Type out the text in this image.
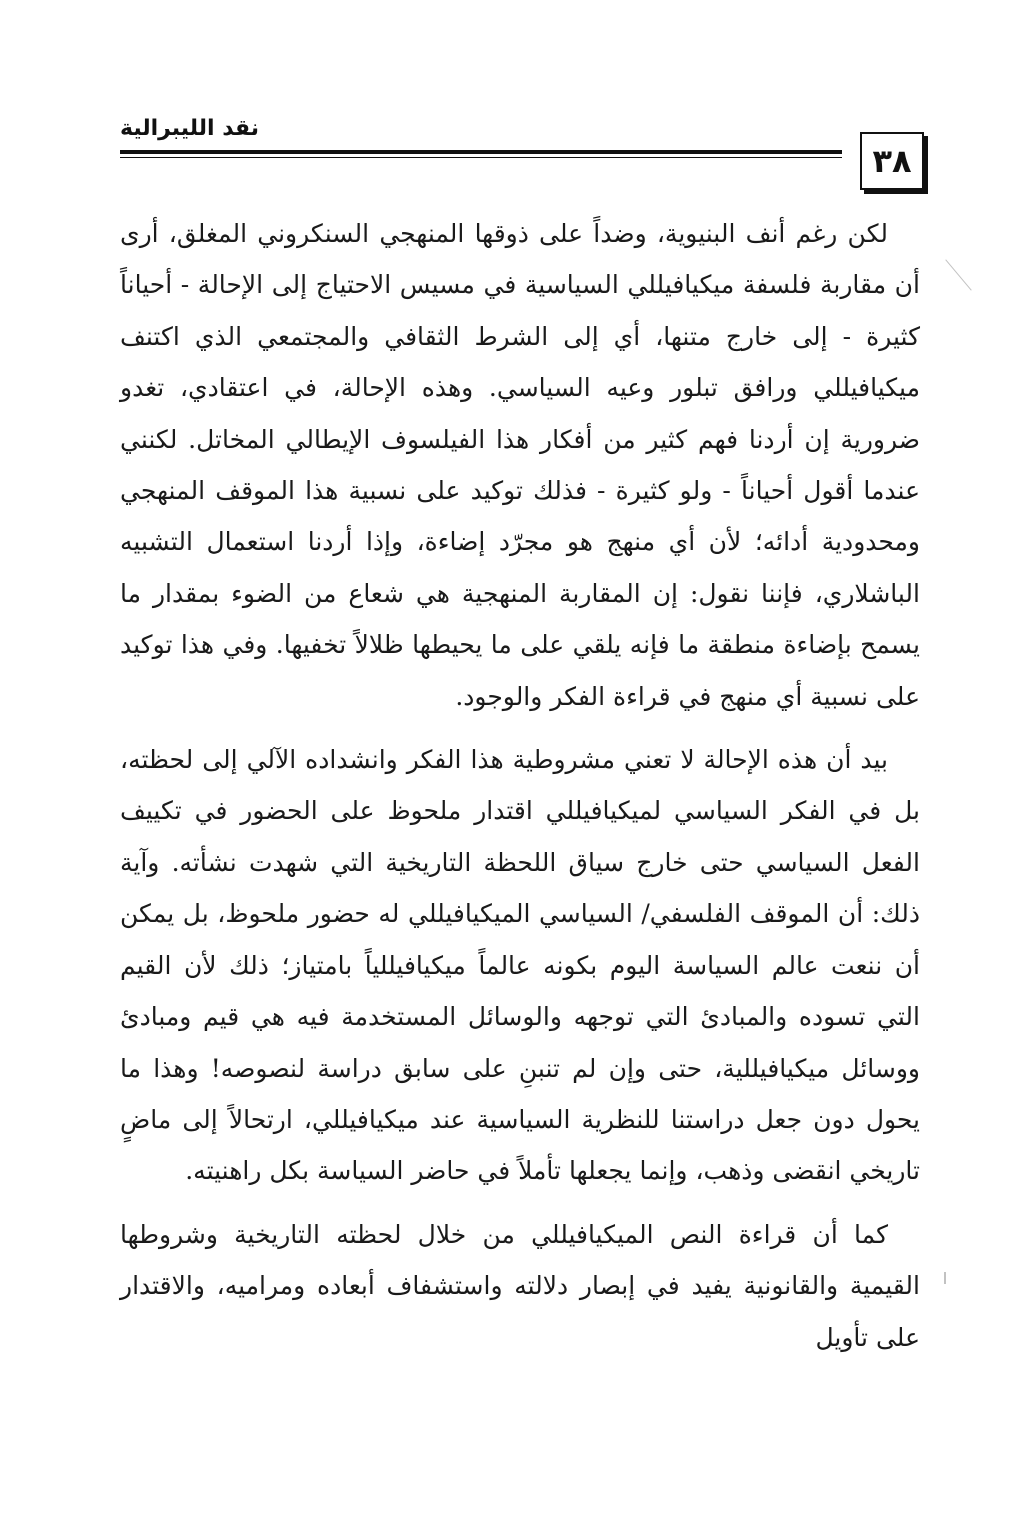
نقد الليبرالية
٣٨

لكن رغم أنف البنيوية، وضداً على ذوقها المنهجي السنكروني المغلق، أرى أن مقاربة فلسفة ميكيافيللي السياسية في مسيس الاحتياج إلى الإحالة - أحياناً كثيرة - إلى خارج متنها، أي إلى الشرط الثقافي والمجتمعي الذي اكتنف ميكيافيللي ورافق تبلور وعيه السياسي. وهذه الإحالة، في اعتقادي، تغدو ضرورية إن أردنا فهم كثير من أفكار هذا الفيلسوف الإيطالي المخاتل. لكنني عندما أقول أحياناً - ولو كثيرة - فذلك توكيد على نسبية هذا الموقف المنهجي ومحدودية أدائه؛ لأن أي منهج هو مجرّد إضاءة، وإذا أردنا استعمال التشبيه الباشلاري، فإننا نقول: إن المقاربة المنهجية هي شعاع من الضوء بمقدار ما يسمح بإضاءة منطقة ما فإنه يلقي على ما يحيطها ظلالاً تخفيها. وفي هذا توكيد على نسبية أي منهج في قراءة الفكر والوجود.

بيد أن هذه الإحالة لا تعني مشروطية هذا الفكر وانشداده الآلي إلى لحظته، بل في الفكر السياسي لميكيافيللي اقتدار ملحوظ على الحضور في تكييف الفعل السياسي حتى خارج سياق اللحظة التاريخية التي شهدت نشأته. وآية ذلك: أن الموقف الفلسفي/ السياسي الميكيافيللي له حضور ملحوظ، بل يمكن أن ننعت عالم السياسة اليوم بكونه عالماً ميكيافيللياً بامتياز؛ ذلك لأن القيم التي تسوده والمبادئ التي توجهه والوسائل المستخدمة فيه هي قيم ومبادئ ووسائل ميكيافيللية، حتى وإن لم تنبنِ على سابق دراسة لنصوصه! وهذا ما يحول دون جعل دراستنا للنظرية السياسية عند ميكيافيللي، ارتحالاً إلى ماضٍ تاريخي انقضى وذهب، وإنما يجعلها تأملاً في حاضر السياسة بكل راهنيته.

كما أن قراءة النص الميكيافيللي من خلال لحظته التاريخية وشروطها القيمية والقانونية يفيد في إبصار دلالته واستشفاف أبعاده ومراميه، والاقتدار على تأويل
